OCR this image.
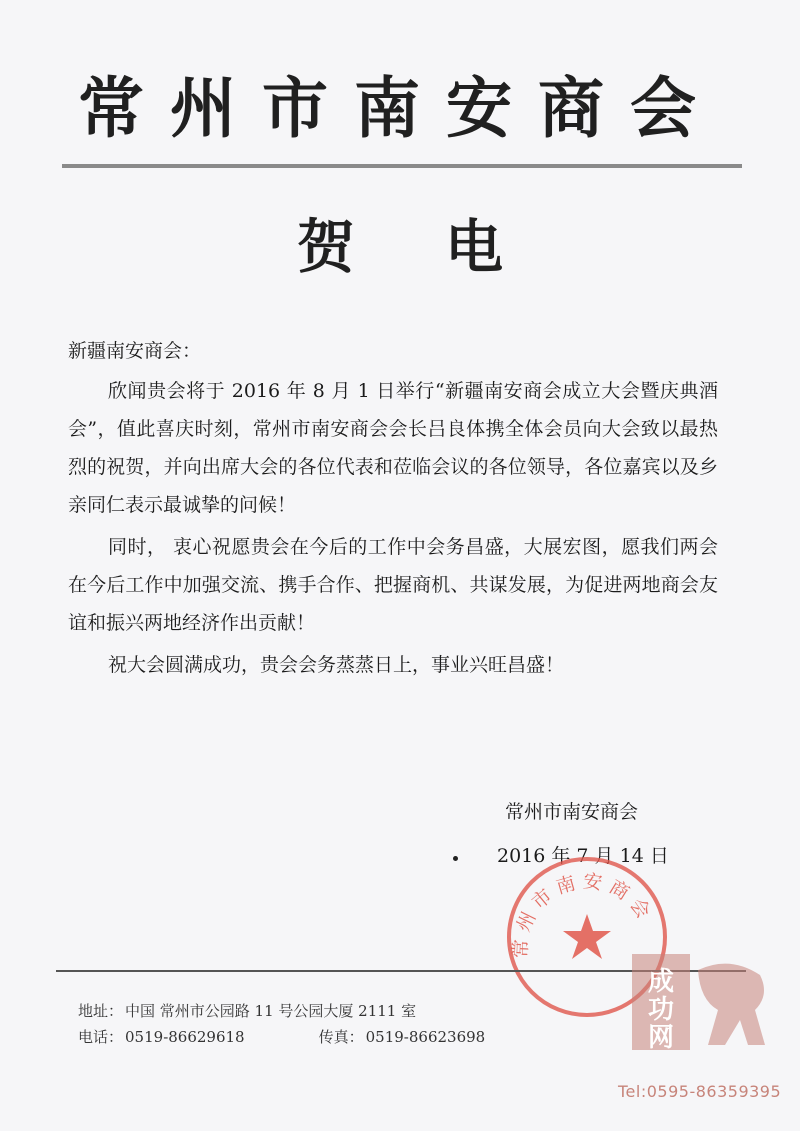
常州市南安商会
贺电

新疆南安商会：

欣闻贵会将于 2016 年 8 月 1 日举行“新疆南安商会成立大会暨庆典酒会”，值此喜庆时刻，常州市南安商会会长吕良体携全体会员向大会致以最热烈的祝贺，并向出席大会的各位代表和莅临会议的各位领导，各位嘉宾以及乡亲同仁表示最诚挚的问候！

同时， 衷心祝愿贵会在今后的工作中会务昌盛，大展宏图，愿我们两会在今后工作中加强交流、携手合作、把握商机、共谋发展，为促进两地商会友谊和振兴两地经济作出贡献！

祝大会圆满成功，贵会会务蒸蒸日上，事业兴旺昌盛！

常州市南安商会
2016 年 7 月 14 日
常州市南安商会
地址： 中国 常州市公园路 11 号公园大厦 2111 室
电话： 0519-86629618	传真： 0519-86623698
成
功
网
Tel:0595-86359395
